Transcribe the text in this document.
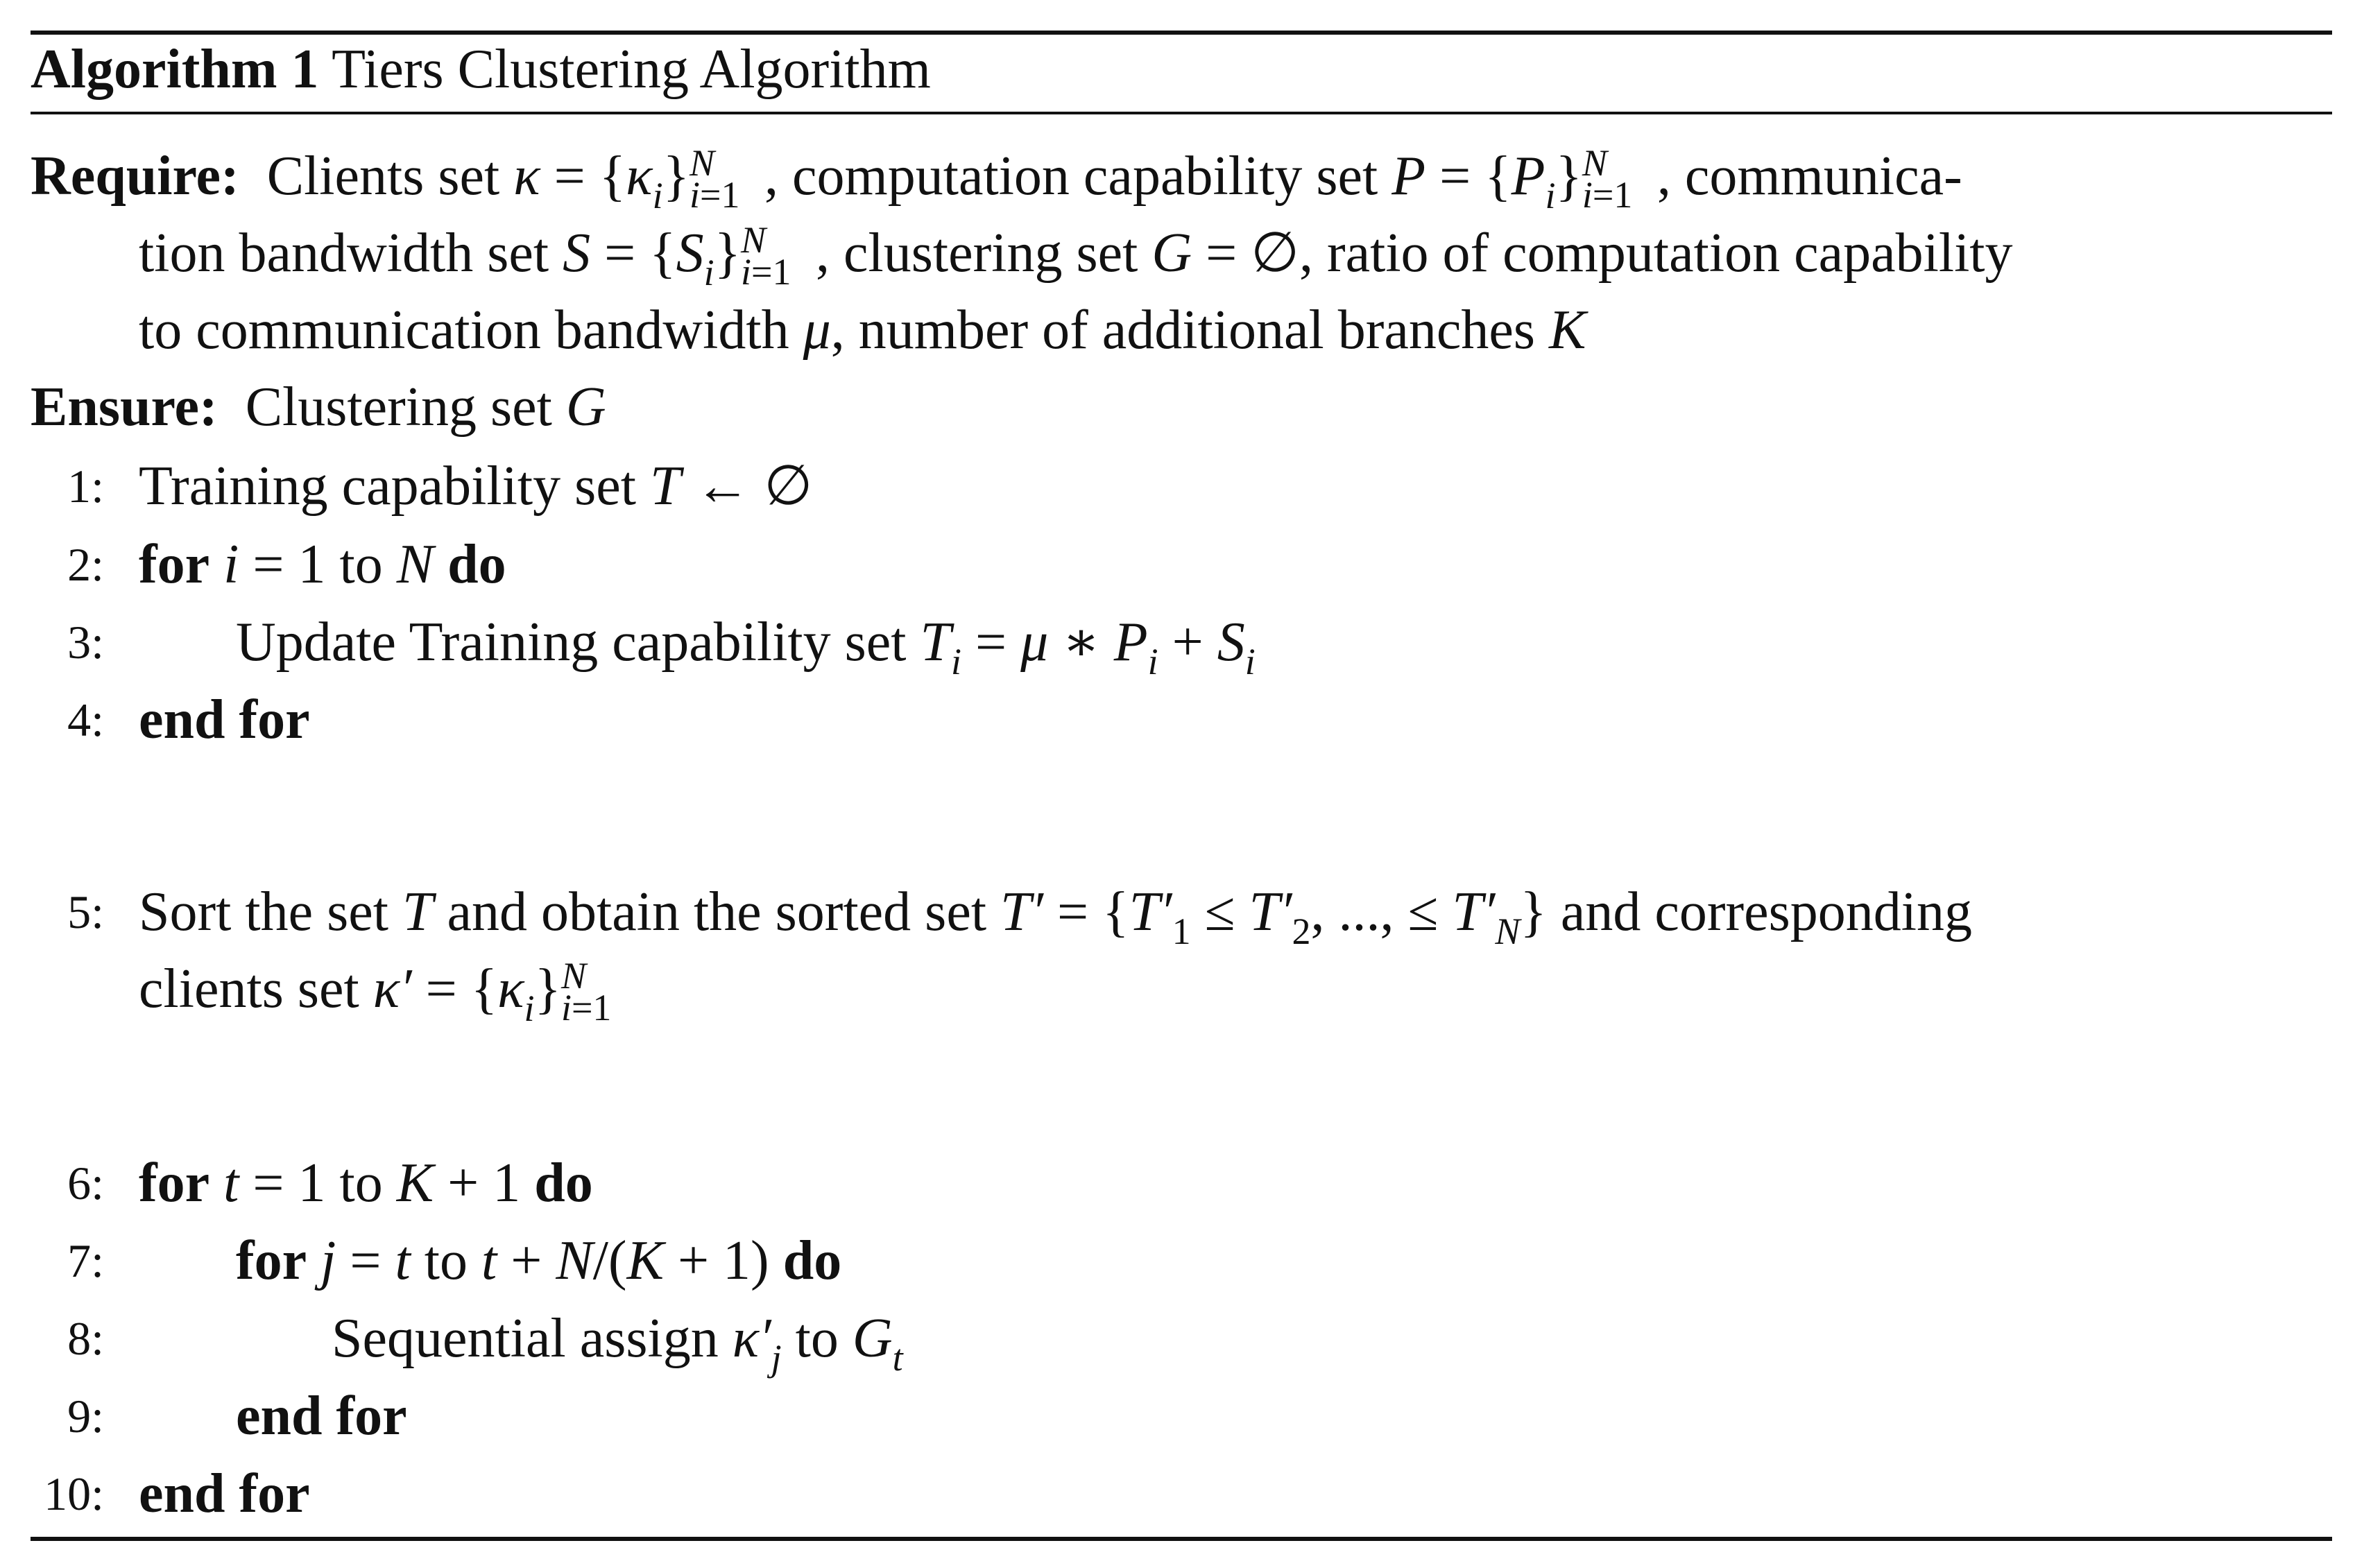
Algorithm 1 Tiers Clustering Algorithm
Require: Clients set κ = {κi} N
i=1 , computation capability set P = {Pi} N
i=1 , communica-
tion bandwidth set S = {Si} N
i=1 , clustering set G = ∅, ratio of computation capability
to communication bandwidth μ, number of additional branches K
Ensure: Clustering set G
1: Training capability set T ← ∅
2: for i = 1 to N do
3: Update Training capability set Ti = μ ∗ Pi + Si
4: end for
5: Sort the set T and obtain the sorted set T′ = {T′1 ≤ T′2, ..., ≤ T′N} and corresponding
clients set κ′ = {κi} N
i=1
6: for t = 1 to K + 1 do
7: for j = t to t + N/(K + 1) do
8:	Sequential assign κ′j to Gt
9: end for
10: end for
